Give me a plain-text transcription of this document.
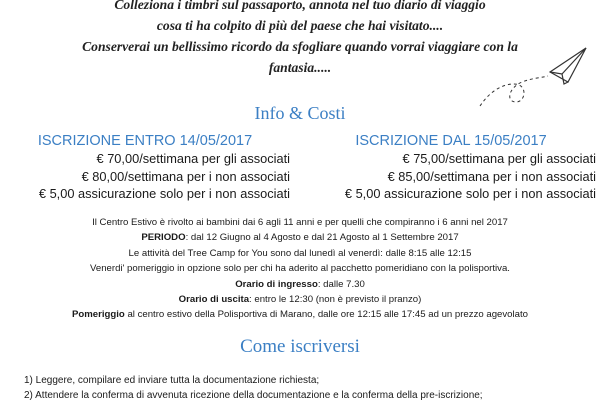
Colleziona i timbri sul passaporto, annota nel tuo diario di viaggio
cosa ti ha colpito di più del paese che hai visitato....
Conserverai un bellissimo ricordo da sfogliare quando vorrai viaggiare con la
fantasia.....
Info & Costi
ISCRIZIONE ENTRO 14/05/2017
€ 70,00/settimana per gli associati
€ 80,00/settimana per i non associati
€ 5,00 assicurazione solo per i non associati
ISCRIZIONE DAL 15/05/2017
€ 75,00/settimana per gli associati
€ 85,00/settimana per i non associati
€ 5,00 assicurazione solo per i non associati
Il Centro Estivo è rivolto ai bambini dai 6 agli 11 anni e per quelli che compiranno i 6 anni nel 2017
PERIODO: dal 12 Giugno al 4 Agosto e dal 21 Agosto al 1 Settembre 2017
Le attività del Tree Camp for You sono dal lunedì al venerdì: dalle 8:15 alle 12:15
Venerdi' pomeriggio in opzione solo per chi ha aderito al pacchetto pomeridiano con la polisportiva.
Orario di ingresso: dalle 7.30
Orario di uscita: entro le 12:30 (non è previsto il pranzo)
Pomeriggio al centro estivo della Polisportiva di Marano, dalle ore 12:15 alle 17:45 ad un prezzo agevolato
Come iscriversi
1) Leggere, compilare ed inviare tutta la documentazione richiesta;
2) Attendere la conferma di avvenuta ricezione della documentazione e la conferma della pre-iscrizione;
